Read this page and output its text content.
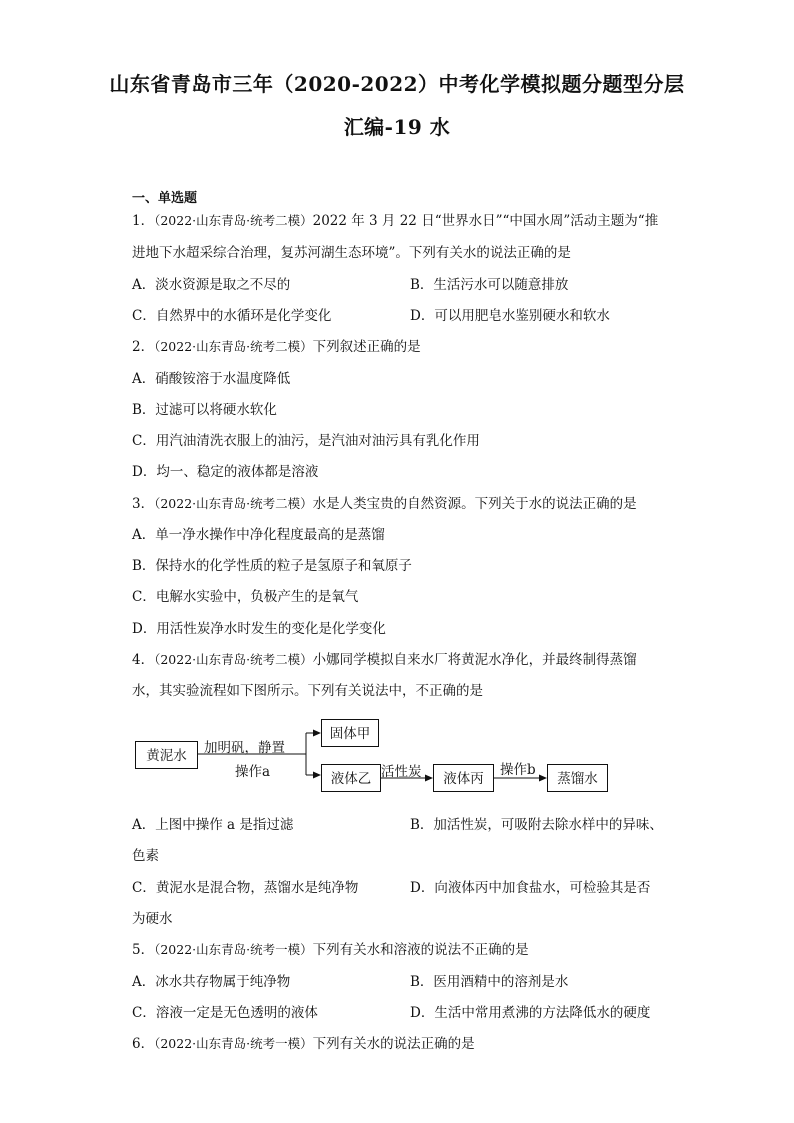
山东省青岛市三年（2020-2022）中考化学模拟题分题型分层
汇编-19 水
一、单选题
1．（2022·山东青岛·统考二模）2022 年 3 月 22 日“世界水日”“中国水周”活动主题为“推
进地下水超采综合治理，复苏河湖生态环境”。下列有关水的说法正确的是
A．淡水资源是取之不尽的	B．生活污水可以随意排放
C．自然界中的水循环是化学变化	D．可以用肥皂水鉴别硬水和软水
2．（2022·山东青岛·统考二模）下列叙述正确的是
A．硝酸铵溶于水温度降低
B．过滤可以将硬水软化
C．用汽油清洗衣服上的油污，是汽油对油污具有乳化作用
D．均一、稳定的液体都是溶液
3．（2022·山东青岛·统考二模）水是人类宝贵的自然资源。下列关于水的说法正确的是
A．单一净水操作中净化程度最高的是蒸馏
B．保持水的化学性质的粒子是氢原子和氧原子
C．电解水实验中，负极产生的是氧气
D．用活性炭净水时发生的变化是化学变化
4．（2022·山东青岛·统考二模）小娜同学模拟自来水厂将黄泥水净化，并最终制得蒸馏
水，其实验流程如下图所示。下列有关说法中，不正确的是
黄泥水	加明矾，静置
操作a
固体甲
液体乙 活性炭	液体丙
操作b
蒸馏水
A．上图中操作 a 是指过滤	B．加活性炭，可吸附去除水样中的异味、
色素
C．黄泥水是混合物，蒸馏水是纯净物	D．向液体丙中加食盐水，可检验其是否
为硬水
5．（2022·山东青岛·统考一模）下列有关水和溶液的说法不正确的是
A．冰水共存物属于纯净物	B．医用酒精中的溶剂是水
C．溶液一定是无色透明的液体	D．生活中常用煮沸的方法降低水的硬度
6．（2022·山东青岛·统考一模）下列有关水的说法正确的是
